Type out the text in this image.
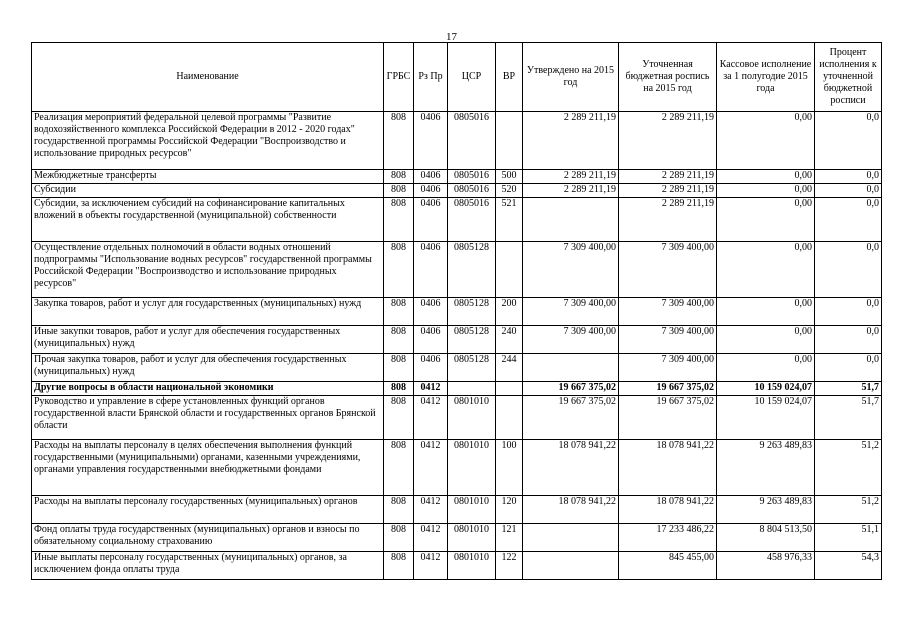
17
Наименование	ГРБС	Рз Пр	ЦСР	ВР	Утверждено на 2015 год	Уточненная бюджетная роспись на 2015 год	Кассовое исполнение за 1 полугодие 2015 года	Процент исполнения к уточненной бюджетной росписи
Реализация мероприятий федеральной целевой программы "Развитие водохозяйственного комплекса Российской Федерации в 2012 - 2020 годах" государственной программы Российской Федерации "Воспроизводство и использование природных ресурсов"	808	0406	0805016		2 289 211,19	2 289 211,19	0,00	0,0
Межбюджетные трансферты	808	0406	0805016	500	2 289 211,19	2 289 211,19	0,00	0,0
Субсидии	808	0406	0805016	520	2 289 211,19	2 289 211,19	0,00	0,0
Субсидии, за исключением субсидий на софинансирование капитальных вложений в объекты государственной (муниципальной) собственности	808	0406	0805016	521		2 289 211,19	0,00	0,0
Осуществление отдельных полномочий в области водных отношений подпрограммы "Использование водных ресурсов" государственной программы Российской Федерации "Воспроизводство и использование природных ресурсов"	808	0406	0805128		7 309 400,00	7 309 400,00	0,00	0,0
Закупка товаров, работ и услуг для государственных (муниципальных) нужд	808	0406	0805128	200	7 309 400,00	7 309 400,00	0,00	0,0
Иные закупки товаров, работ и услуг для обеспечения государственных (муниципальных) нужд	808	0406	0805128	240	7 309 400,00	7 309 400,00	0,00	0,0
Прочая закупка товаров, работ и услуг для обеспечения государственных (муниципальных) нужд	808	0406	0805128	244		7 309 400,00	0,00	0,0
Другие вопросы в области национальной экономики	808	0412			19 667 375,02	19 667 375,02	10 159 024,07	51,7
Руководство и управление в сфере установленных функций органов государственной власти Брянской области и государственных органов Брянской области	808	0412	0801010		19 667 375,02	19 667 375,02	10 159 024,07	51,7
Расходы на выплаты персоналу в целях обеспечения выполнения функций государственными (муниципальными) органами, казенными учреждениями, органами управления государственными внебюджетными фондами	808	0412	0801010	100	18 078 941,22	18 078 941,22	9 263 489,83	51,2
Расходы на выплаты персоналу государственных (муниципальных) органов	808	0412	0801010	120	18 078 941,22	18 078 941,22	9 263 489,83	51,2
Фонд оплаты труда государственных (муниципальных) органов и взносы по обязательному социальному страхованию	808	0412	0801010	121		17 233 486,22	8 804 513,50	51,1
Иные выплаты персоналу государственных (муниципальных) органов, за исключением фонда оплаты труда	808	0412	0801010	122		845 455,00	458 976,33	54,3
